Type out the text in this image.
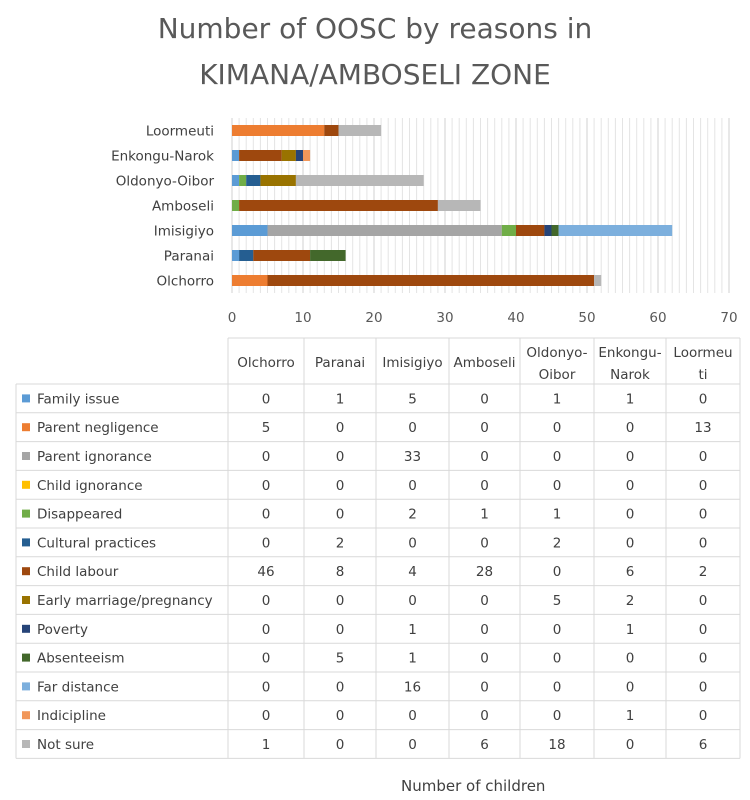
Number of OOSC by reasons in
KIMANA/AMBOSELI ZONE
0	10	20	30	40	50	60	70
Olchorro
Paranai
Imisigiyo
Amboseli
Oldonyo-Oibor
Enkongu-Narok
Loormeuti
Olchorro Paranai Imisigiyo Amboseli
Oldonyo-
Oibor
Enkongu-
Narok
Loormeu
ti
Family issue	0	1	5	0	1	1	0
Parent negligence	5	0	0	0	0	0	13
Parent ignorance	0	0	33	0	0	0	0
Child ignorance	0	0	0	0	0	0	0
Disappeared	0	0	2	1	1	0	0
Cultural practices	0	2	0	0	2	0	0
Child labour	46	8	4	28	0	6	2
Early marriage/pregnancy	0	0	0	0	5	2	0
Poverty	0	0	1	0	0	1	0
Absenteeism	0	5	1	0	0	0	0
Far distance	0	0	16	0	0	0	0
Indicipline	0	0	0	0	0	1	0
Not sure	1	0	0	6	18	0	6
Number of children
